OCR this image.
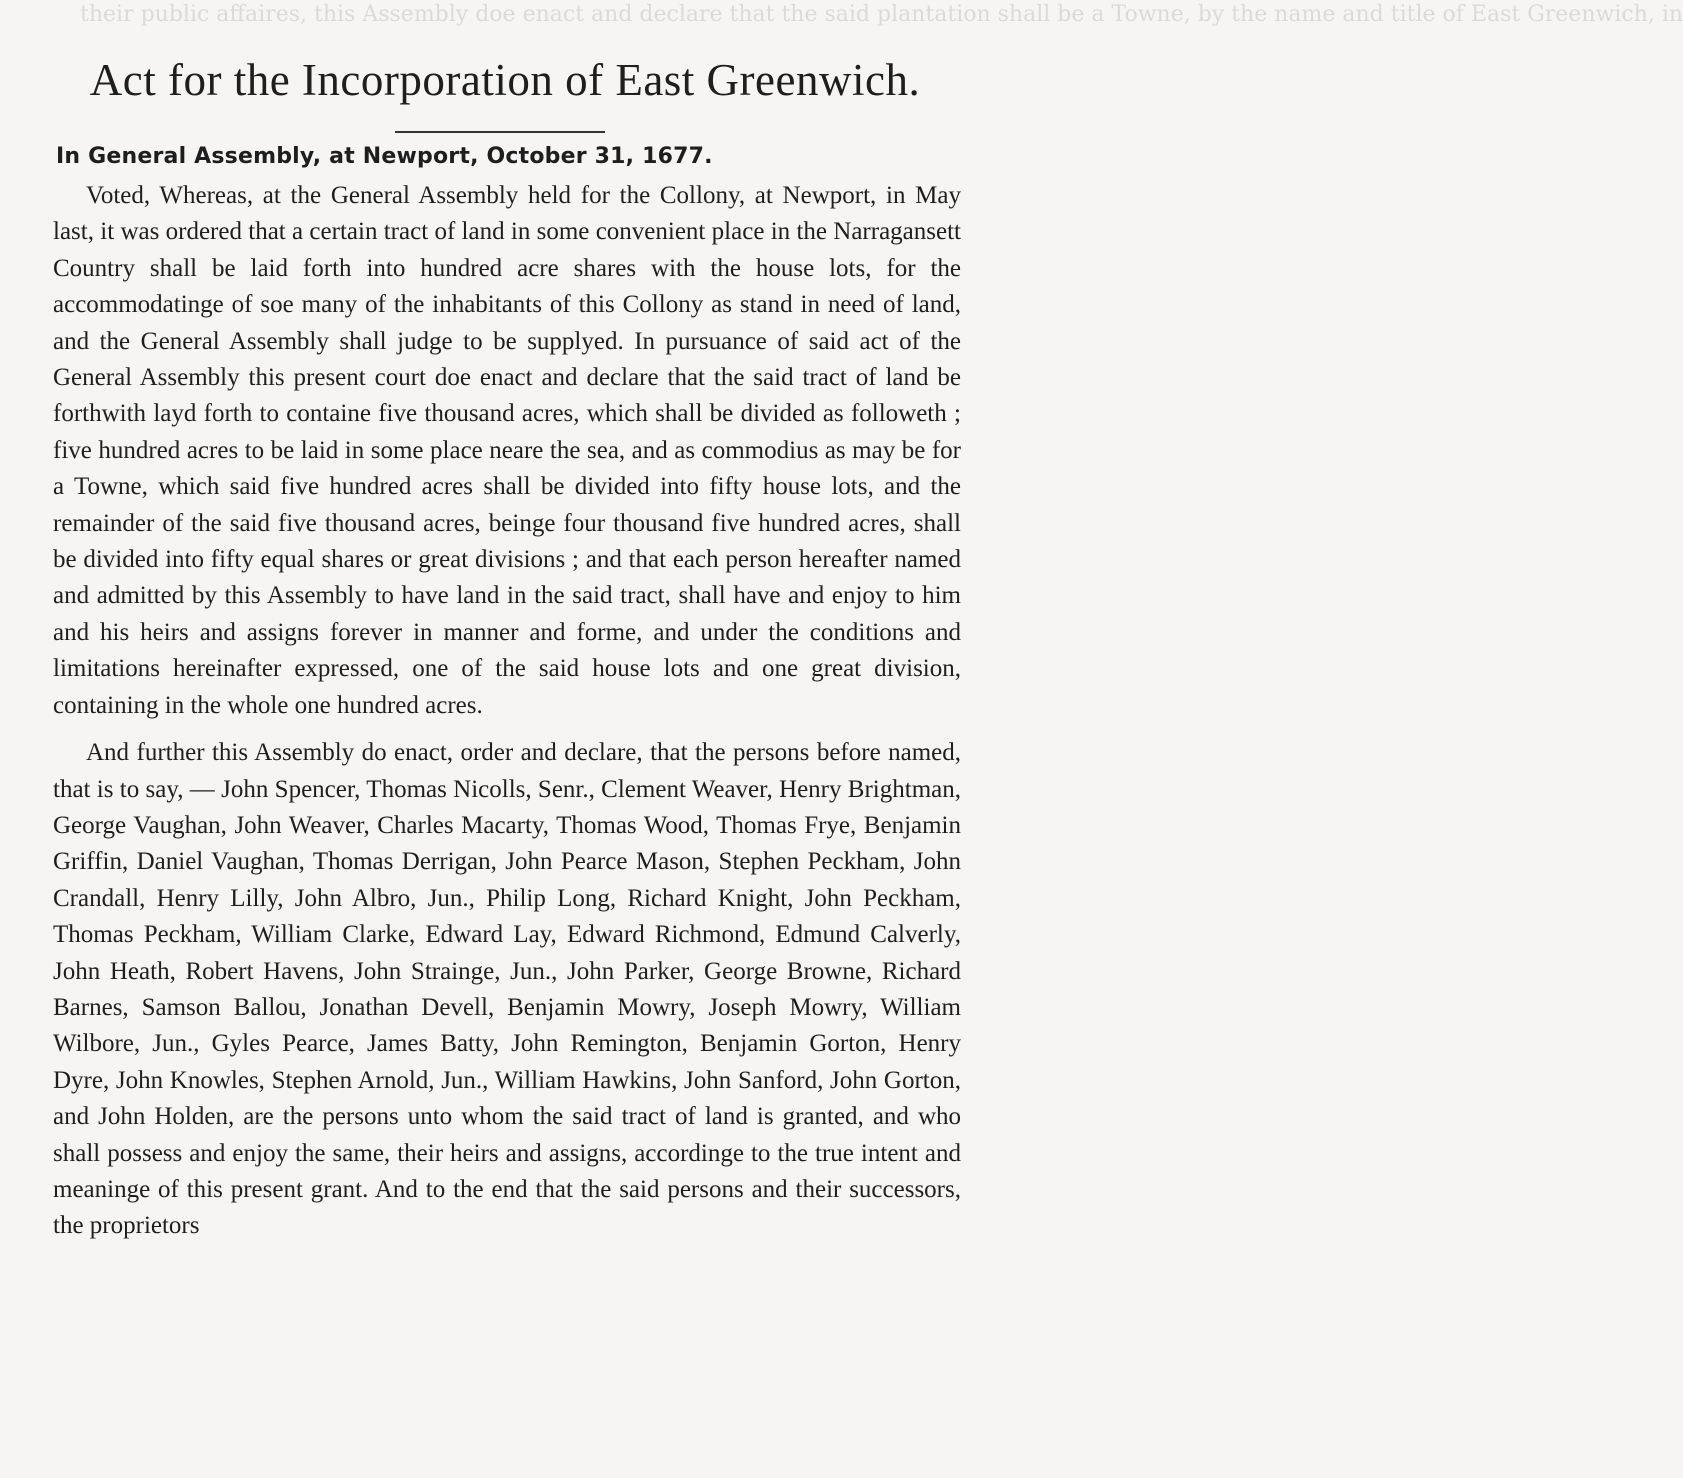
their public affaires, this Assembly doe enact and declare that the said plantation shall be a Towne, by the name and title of East Greenwich, in
Act for the Incorporation of East Greenwich.
In General Assembly, at Newport, October 31, 1677.

Voted, Whereas, at the General Assembly held for the Collony, at Newport, in May last, it was ordered that a certain tract of land in some convenient place in the Narragansett Country shall be laid forth into hundred acre shares with the house lots, for the accommodatinge of soe many of the inhabitants of this Collony as stand in need of land, and the General Assembly shall judge to be supplyed. In pursuance of said act of the General Assembly this present court doe enact and declare that the said tract of land be forthwith layd forth to containe five thousand acres, which shall be divided as followeth ; five hundred acres to be laid in some place neare the sea, and as commodius as may be for a Towne, which said five hundred acres shall be divided into fifty house lots, and the remainder of the said five thousand acres, beinge four thousand five hundred acres, shall be divided into fifty equal shares or great divisions ; and that each person hereafter named and admitted by this Assembly to have land in the said tract, shall have and enjoy to him and his heirs and assigns forever in manner and forme, and under the conditions and limitations hereinafter expressed, one of the said house lots and one great division, containing in the whole one hundred acres.

And further this Assembly do enact, order and declare, that the persons before named, that is to say, — John Spencer, Thomas Nicolls, Senr., Clement Weaver, Henry Brightman, George Vaughan, John Weaver, Charles Macarty, Thomas Wood, Thomas Frye, Benjamin Griffin, Daniel Vaughan, Thomas Derrigan, John Pearce Mason, Stephen Peckham, John Crandall, Henry Lilly, John Albro, Jun., Philip Long, Richard Knight, John Peckham, Thomas Peckham, William Clarke, Edward Lay, Edward Richmond, Edmund Calverly, John Heath, Robert Havens, John Strainge, Jun., John Parker, George Browne, Richard Barnes, Samson Ballou, Jonathan Devell, Benjamin Mowry, Joseph Mowry, William Wilbore, Jun., Gyles Pearce, James Batty, John Remington, Benjamin Gorton, Henry Dyre, John Knowles, Stephen Arnold, Jun., William Hawkins, John Sanford, John Gorton, and John Holden, are the persons unto whom the said tract of land is granted, and who shall possess and enjoy the same, their heirs and assigns, accordinge to the true intent and meaninge of this present grant. And to the end that the said persons and their successors, the proprietors
